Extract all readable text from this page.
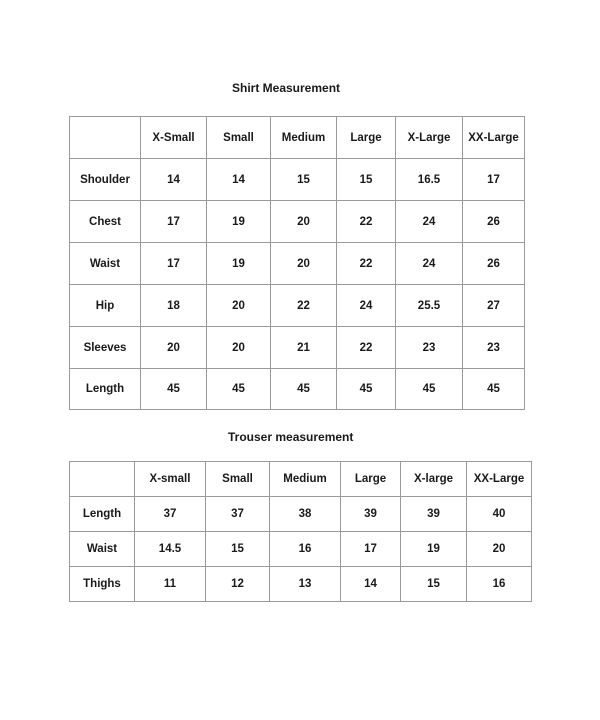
Shirt Measurement
	X-Small	Small	Medium	Large	X-Large	XX-Large
Shoulder	14	14	15	15	16.5	17
Chest	17	19	20	22	24	26
Waist	17	19	20	22	24	26
Hip	18	20	22	24	25.5	27
Sleeves	20	20	21	22	23	23
Length	45	45	45	45	45	45
Trouser measurement
	X-small	Small	Medium	Large	X-large	XX-Large
Length	37	37	38	39	39	40
Waist	14.5	15	16	17	19	20
Thighs	11	12	13	14	15	16
